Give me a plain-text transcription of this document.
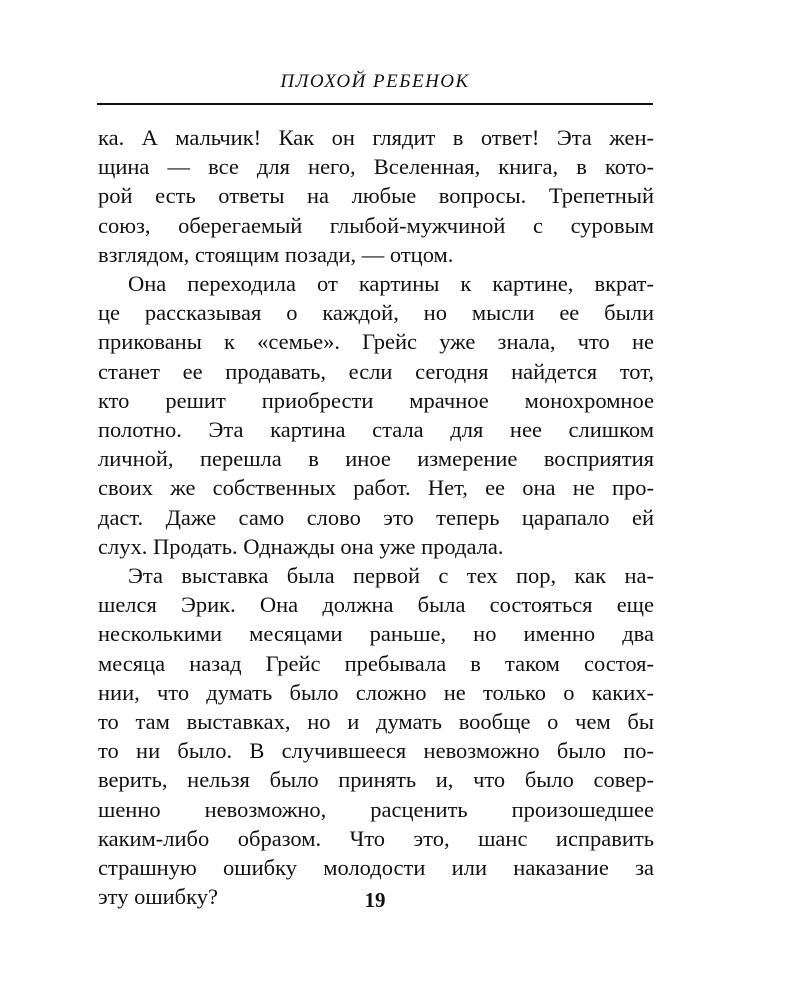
ПЛОХОЙ РЕБЕНОК
ка. А мальчик! Как он глядит в ответ! Эта жен-
щина — все для него, Вселенная, книга, в кото-
рой есть ответы на любые вопросы. Трепетный
союз, оберегаемый глыбой-мужчиной с суровым
взглядом, стоящим позади, — отцом.
Она переходила от картины к картине, вкрат-
це рассказывая о каждой, но мысли ее были
прикованы к «семье». Грейс уже знала, что не
станет ее продавать, если сегодня найдется тот,
кто решит приобрести мрачное монохромное
полотно. Эта картина стала для нее слишком
личной, перешла в иное измерение восприятия
своих же собственных работ. Нет, ее она не про-
даст. Даже само слово это теперь царапало ей
слух. Продать. Однажды она уже продала.
Эта выставка была первой с тех пор, как на-
шелся Эрик. Она должна была состояться еще
несколькими месяцами раньше, но именно два
месяца назад Грейс пребывала в таком состоя-
нии, что думать было сложно не только о каких-
то там выставках, но и думать вообще о чем бы
то ни было. В случившееся невозможно было по-
верить, нельзя было принять и, что было совер-
шенно невозможно, расценить произошедшее
каким-либо образом. Что это, шанс исправить
страшную ошибку молодости или наказание за
эту ошибку?	19
